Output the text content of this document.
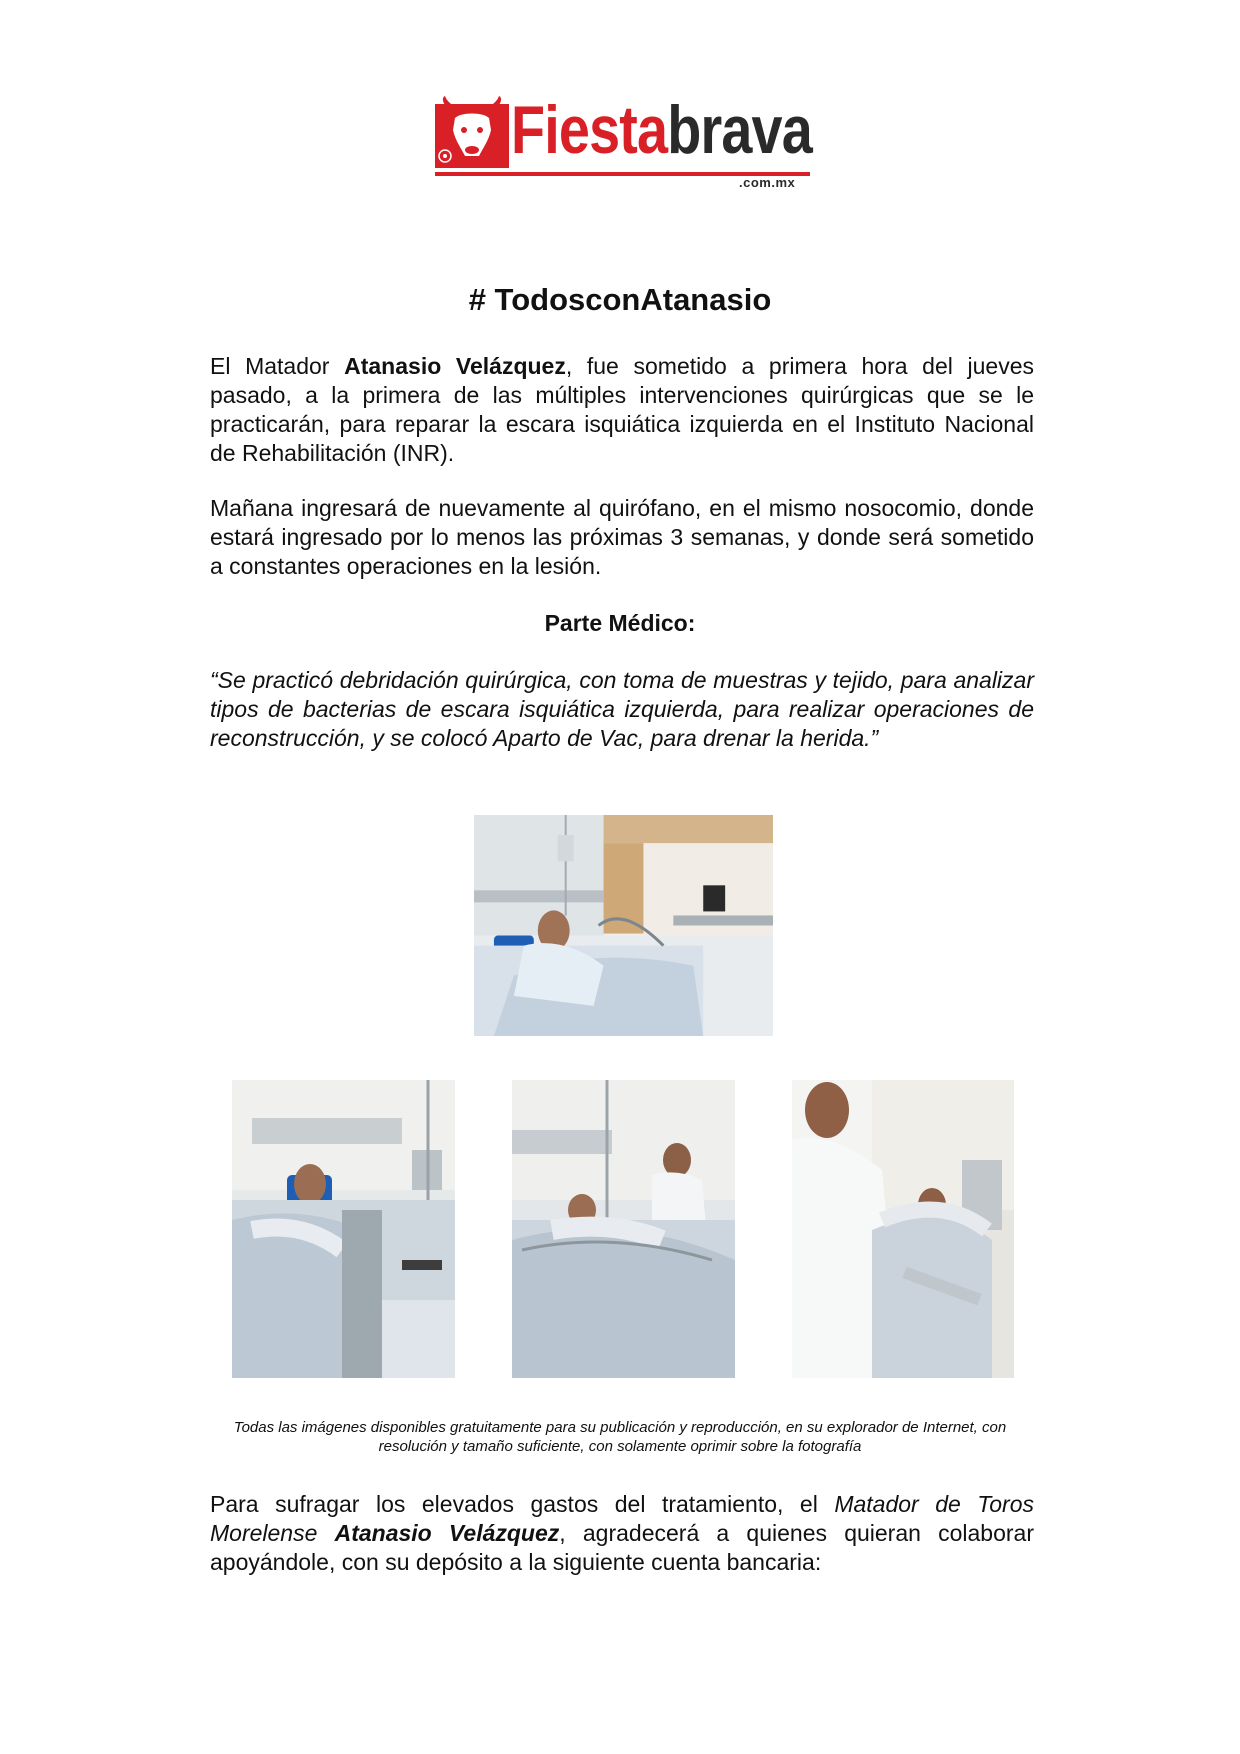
Fiestabrava
.com.mx
# TodosconAtanasio
El Matador Atanasio Velázquez, fue sometido a primera hora del jueves pasado, a la primera de las múltiples intervenciones quirúrgicas que se le practicarán, para reparar la escara isquiática izquierda en el Instituto Nacional de Rehabilitación (INR).
Mañana ingresará de nuevamente al quirófano, en el mismo nosocomio, donde estará ingresado por lo menos las próximas 3 semanas, y donde será sometido a constantes operaciones en la lesión.
Parte Médico:
“Se practicó debridación quirúrgica, con toma de muestras y tejido, para analizar tipos de bacterias de escara isquiática izquierda, para realizar operaciones de reconstrucción, y se colocó Aparto de Vac, para drenar la herida.”
Todas las imágenes disponibles gratuitamente para su publicación y reproducción, en su explorador de Internet, con resolución y tamaño suficiente, con solamente oprimir sobre la fotografía
Para sufragar los elevados gastos del tratamiento, el Matador de Toros Morelense Atanasio Velázquez, agradecerá a quienes quieran colaborar apoyándole, con su depósito a la siguiente cuenta bancaria:
